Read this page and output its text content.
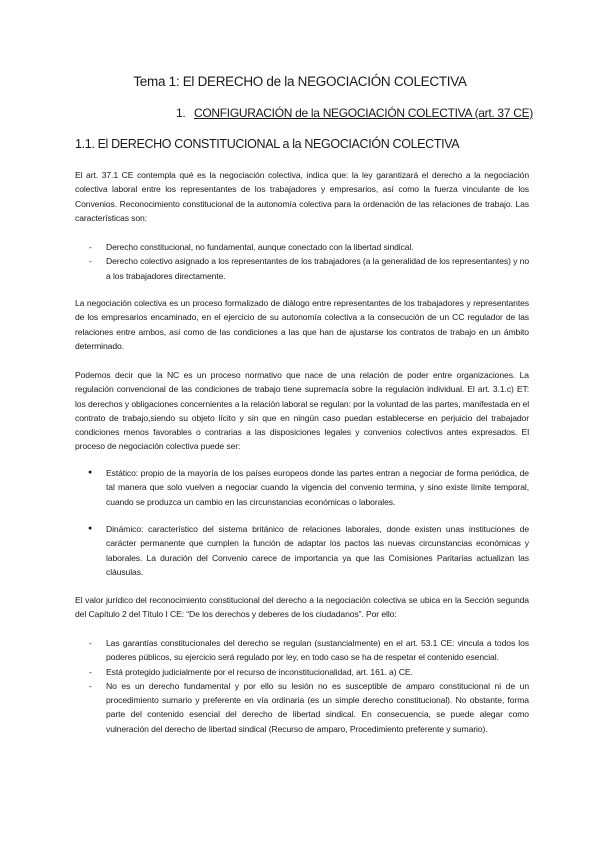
Tema 1: El DERECHO de la NEGOCIACIÓN COLECTIVA
1. CONFIGURACIÓN de la NEGOCIACIÓN COLECTIVA (art. 37 CE)
1.1. El DERECHO CONSTITUCIONAL a la NEGOCIACIÓN COLECTIVA

El art. 37.1 CE contempla qué es la negociación colectiva, indica que: la ley garantizará el derecho a la negociación colectiva laboral entre los representantes de los trabajadores y empresarios, así como la fuerza vinculante de los Convenios. Reconocimiento constitucional de la autonomía colectiva para la ordenación de las relaciones de trabajo. Las características son:

- Derecho constitucional, no fundamental, aunque conectado con la libertad sindical.
- Derecho colectivo asignado a los representantes de los trabajadores (a la generalidad de los representantes) y no a los trabajadores directamente.

La negociación colectiva es un proceso formalizado de diálogo entre representantes de los trabajadores y representantes de los empresarios encaminado, en el ejercicio de su autonomía colectiva a la consecución de un CC regulador de las relaciones entre ambos, así como de las condiciones a las que han de ajustarse los contratos de trabajo en un ámbito determinado.

Podemos decir que la NC es un proceso normativo que nace de una relación de poder entre organizaciones. La regulación convencional de las condiciones de trabajo tiene supremacía sobre la regulación individual. El art. 3.1.c) ET: los derechos y obligaciones concernientes a la relación laboral se regulan: por la voluntad de las partes, manifestada en el contrato de trabajo,siendo su objeto lícito y sin que en ningún caso puedan establecerse en perjuicio del trabajador condiciones menos favorables o contrarias a las disposiciones legales y convenios colectivos antes expresados. El proceso de negociación colectiva puede ser:

● Estático: propio de la mayoría de los países europeos donde las partes entran a negociar de forma periódica, de tal manera que solo vuelven a negociar cuando la vigencia del convenio termina, y sino existe límite temporal, cuando se produzca un cambio en las circunstancias económicas o laborales.
● Dinámico: característico del sistema británico de relaciones laborales, donde existen unas instituciones de carácter permanente que cumplen la función de adaptar los pactos las nuevas circunstancias económicas y laborales. La duración del Convenio carece de importancia ya que las Comisiones Paritarias actualizan las cláusulas.

El valor jurídico del reconocimiento constitucional del derecho a la negociación colectiva se ubica en la Sección segunda del Capítulo 2 del Título I CE: “De los derechos y deberes de los ciudadanos”. Por ello:

- Las garantías constitucionales del derecho se regulan (sustancialmente) en el art. 53.1 CE: vincula a todos los poderes públicos, su ejercicio será regulado por ley, en todo caso se ha de respetar el contenido esencial.
- Está protegido judicialmente por el recurso de inconstitucionalidad, art. 161. a) CE.
- No es un derecho fundamental y por ello su lesión no es susceptible de amparo constitucional ni de un procedimiento sumario y preferente en vía ordinaria (es un simple derecho constitucional). No obstante, forma parte del contenido esencial del derecho de libertad sindical. En consecuencia, se puede alegar como vulneración del derecho de libertad sindical (Recurso de amparo, Procedimiento preferente y sumario).
